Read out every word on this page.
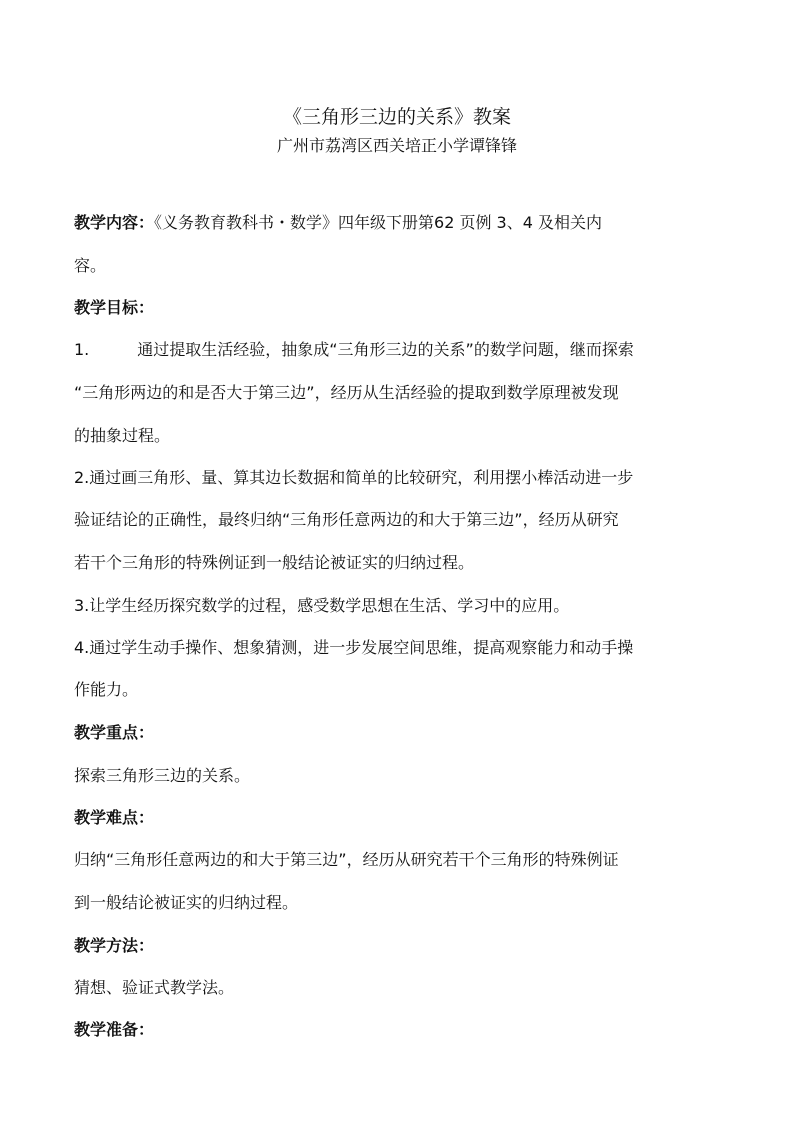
《三角形三边的关系》教案
广州市荔湾区西关培正小学谭锋锋
教学内容：《义务教育教科书・数学》四年级下册第62 页例 3、4 及相关内
容。
教学目标：
1.	通过提取生活经验，抽象成“三角形三边的关系”的数学问题，继而探索
“三角形两边的和是否大于第三边”，经历从生活经验的提取到数学原理被发现
的抽象过程。
2.通过画三角形、量、算其边长数据和简单的比较研究，利用摆小棒活动进一步
验证结论的正确性，最终归纳“三角形任意两边的和大于第三边”，经历从研究
若干个三角形的特殊例证到一般结论被证实的归纳过程。
3.让学生经历探究数学的过程，感受数学思想在生活、学习中的应用。
4.通过学生动手操作、想象猜测，进一步发展空间思维，提高观察能力和动手操
作能力。
教学重点：
探索三角形三边的关系。
教学难点：
归纳“三角形任意两边的和大于第三边”，经历从研究若干个三角形的特殊例证
到一般结论被证实的归纳过程。
教学方法：
猜想、验证式教学法。
教学准备：
